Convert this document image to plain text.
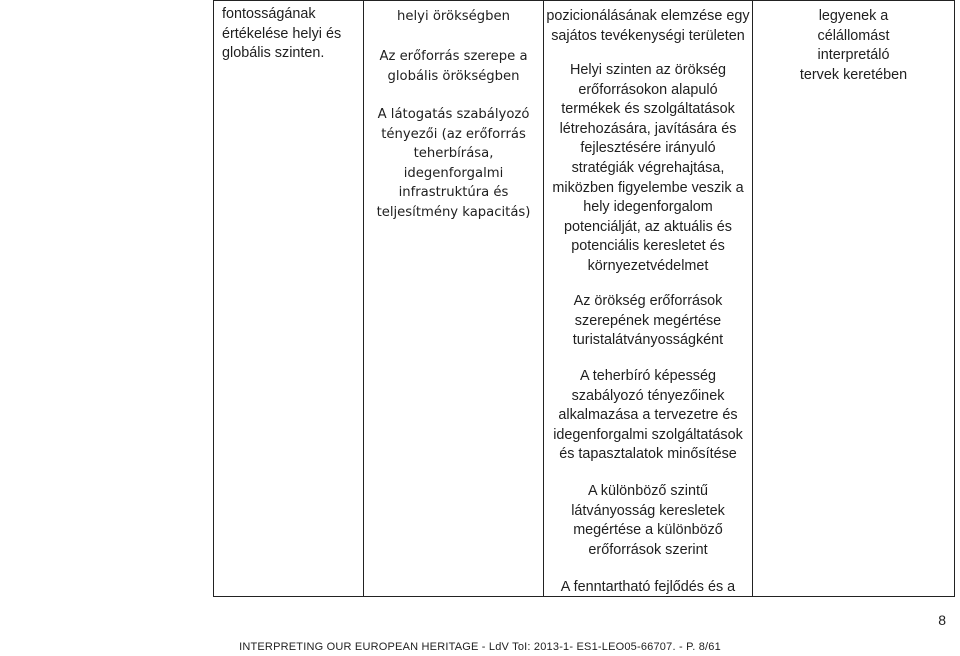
fontosságának
értékelése helyi és
globális szinten.

helyi örökségben
Az erőforrás szerepe a
globális örökségben
A látogatás szabályozó
tényezői (az erőforrás
teherbírása,
idegenforgalmi
infrastruktúra és
teljesítmény kapacitás)

pozicionálásának elemzése egy
sajátos tevékenységi területen
Helyi szinten az örökség
erőforrásokon alapuló
termékek és szolgáltatások
létrehozására, javítására és
fejlesztésére irányuló
stratégiák végrehajtása,
miközben figyelembe veszik a
hely idegenforgalom
potenciálját, az aktuális és
potenciális keresletet és
környezetvédelmet
Az örökség erőforrások
szerepének megértése
turistalátványosságként
A teherbíró képesség
szabályozó tényezőinek
alkalmazása a tervezetre és
idegenforgalmi szolgáltatások
és tapasztalatok minősítése
A különböző szintű
látványosság keresletek
megértése a különböző
erőforrások szerint
A fenntartható fejlődés és a

legyenek a
célállomást
interpretáló
tervek keretében
8
INTERPRETING OUR EUROPEAN HERITAGE - LdV ToI: 2013-1- ES1-LEO05-66707. - P. 8/61
